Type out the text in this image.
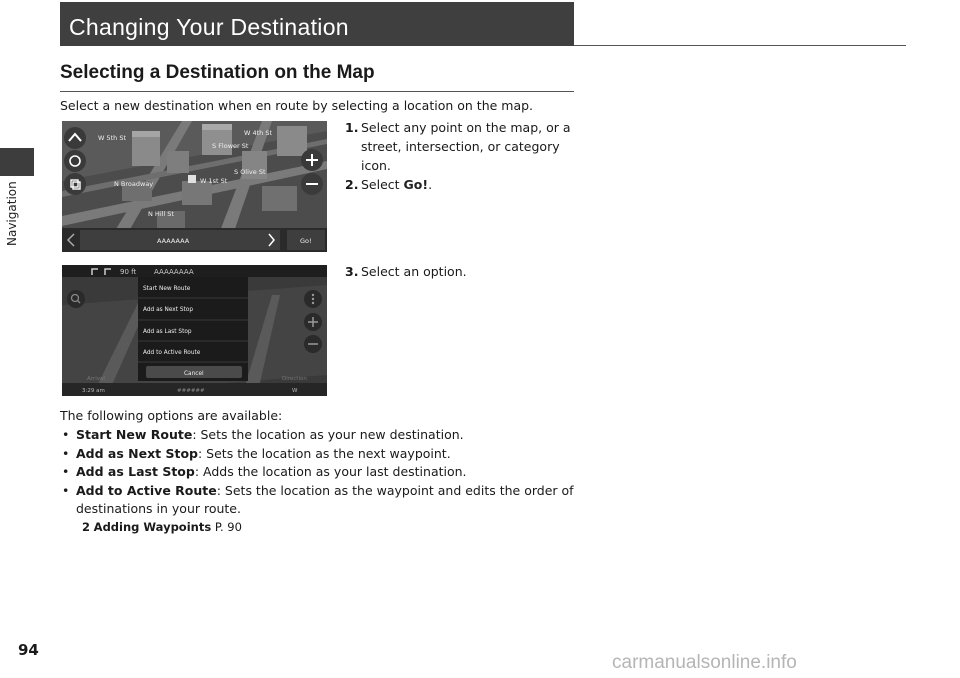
Navigation
Changing Your Destination
Selecting a Destination on the Map
Select a new destination when en route by selecting a location on the map.
W 5th St
S Flower St
S Olive St
N Broadway	W 1st St
N Hill St
W 4th St
AAAAAAA	Go!
1. Select any point on the map, or a
street, intersection, or category
icon.
2. Select Go!.
90 ft	AAAAAAAA
Start New Route
Add as Next Stop
Add as Last Stop
Add to Active Route
Cancel
Arrival
3:29 am	######
Direction
W
3. Select an option.
The following options are available:
• Start New Route: Sets the location as your new destination.
• Add as Next Stop: Sets the location as the next waypoint.
• Add as Last Stop: Adds the location as your last destination.
• Add to Active Route: Sets the location as the waypoint and edits the order of
destinations in your route.
2 Adding Waypoints P. 90
94
carmanualsonline.info
